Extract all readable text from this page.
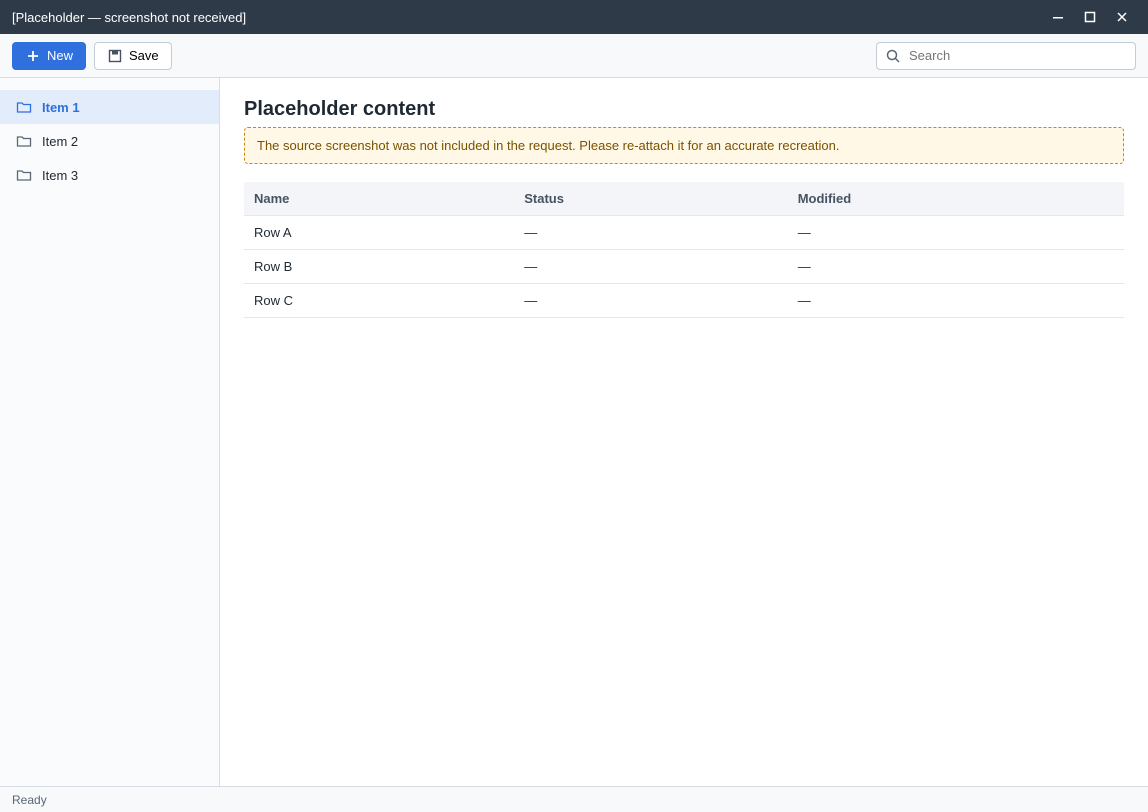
[Placeholder — screenshot not received]
New	Save
Search
Item 1
Item 2
Item 3
Placeholder content

The source screenshot was not included in the request. Please re-attach it for an accurate recreation.

Name	Status	Modified
Row A	—	—
Row B	—	—
Row C	—	—
Ready
